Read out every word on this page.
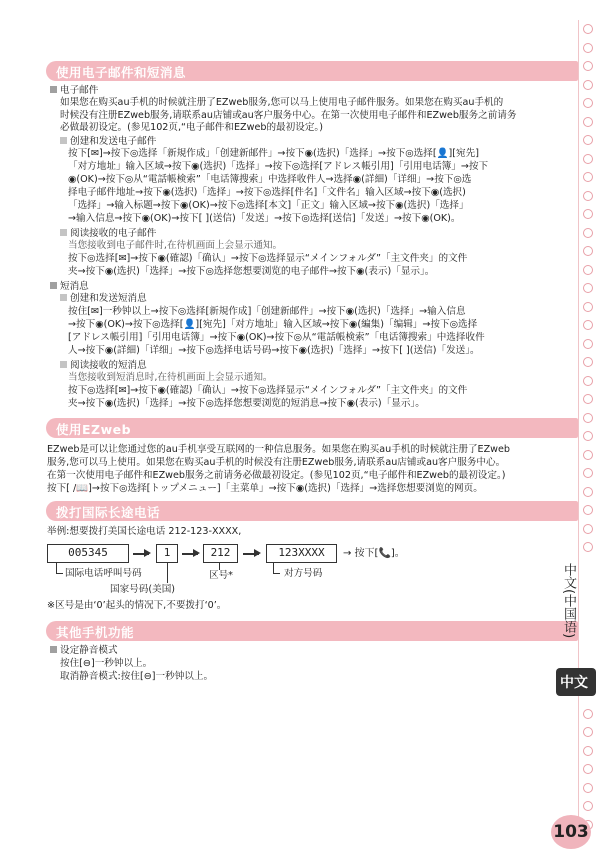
使用电子邮件和短消息
电子邮件
如果您在购买au手机的时候就注册了EZweb服务,您可以马上使用电子邮件服务。如果您在购买au手机的
时候没有注册EZweb服务,请联系au店铺或au客户服务中心。在第一次使用电子邮件和EZweb服务之前请务
必做最初设定。(参见102页,“电子邮件和EZweb的最初设定。)
创建和发送电子邮件
按下[✉]→按下◎选择「新規作成」「创建新邮件」→按下◉(选択)「选择」→按下◎选择[👤][宛先]
「对方地址」输入区域→按下◉(选択)「选择」→按下◎选择[アドレス帳引用]「引用电话簿」→按下
◉(OK)→按下◎从“電話帳検索”「电话簿搜索」中选择收件人→选择◉(詳細)「详细」→按下◎选
择电子邮件地址→按下◉(选択)「选择」→按下◎选择[件名]「文件名」输入区域→按下◉(选択)
「选择」→输入标题→按下◉(OK)→按下◎选择[本文]「正文」输入区域→按下◉(选択)「选择」
→输入信息→按下◉(OK)→按下[ ](送信)「发送」→按下◎选择[送信]「发送」→按下◉(OK)。
阅读接收的电子邮件
当您接收到电子邮件时,在待机画面上会显示通知。
按下◎选择[✉]→按下◉(確認)「确认」→按下◎选择显示“メインフォルダ”「主文件夹」的文件
夹→按下◉(选択)「选择」→按下◎选择您想要浏览的电子邮件→按下◉(表示)「显示」。
短消息
创建和发送短消息
按住[✉]一秒钟以上→按下◎选择[新規作成]「创建新邮件」→按下◉(选択)「选择」→输入信息
→按下◉(OK)→按下◎选择[👤][宛先]「对方地址」输入区域→按下◉(編集)「编辑」→按下◎选择
[アドレス帳引用]「引用电话簿」→按下◉(OK)→按下◎从“電話帳検索”「电话簿搜索」中选择收件
人→按下◉(詳細)「详细」→按下◎选择电话号码→按下◉(选択)「选择」→按下[ ](送信)「发送」。
阅读接收的短消息
当您接收到短消息时,在待机画面上会显示通知。
按下◎选择[✉]→按下◉(確認)「确认」→按下◎选择显示“メインフォルダ”「主文件夹」的文件
夹→按下◉(选択)「选择」→按下◎选择您想要浏览的短消息→按下◉(表示)「显示」。
使用EZweb
EZweb是可以让您通过您的au手机享受互联网的一种信息服务。如果您在购买au手机的时候就注册了EZweb
服务,您可以马上使用。如果您在购买au手机的时候没有注册EZweb服务,请联系au店铺或au客户服务中心。
在第一次使用电子邮件和EZweb服务之前请务必做最初设定。(参见102页,“电子邮件和EZweb的最初设定。)
按下[ /📖]→按下◎选择[トップメニュー]「主菜单」→按下◉(选択)「选择」→选择您想要浏览的网页。
拨打国际长途电话
举例:想要拨打美国长途电话 212-123-XXXX,
005345	1	212	123XXXX	→ 按下[📞]。
国际电话呼叫号码
国家号码(美国)
区号*	对方号码
※区号是由‘0’起头的情况下,不要拨打‘0’。
其他手机功能
设定静音模式
按住[⊖]一秒钟以上。
取消静音模式:按住[⊖]一秒钟以上。
中文(中国语)
中文
103
